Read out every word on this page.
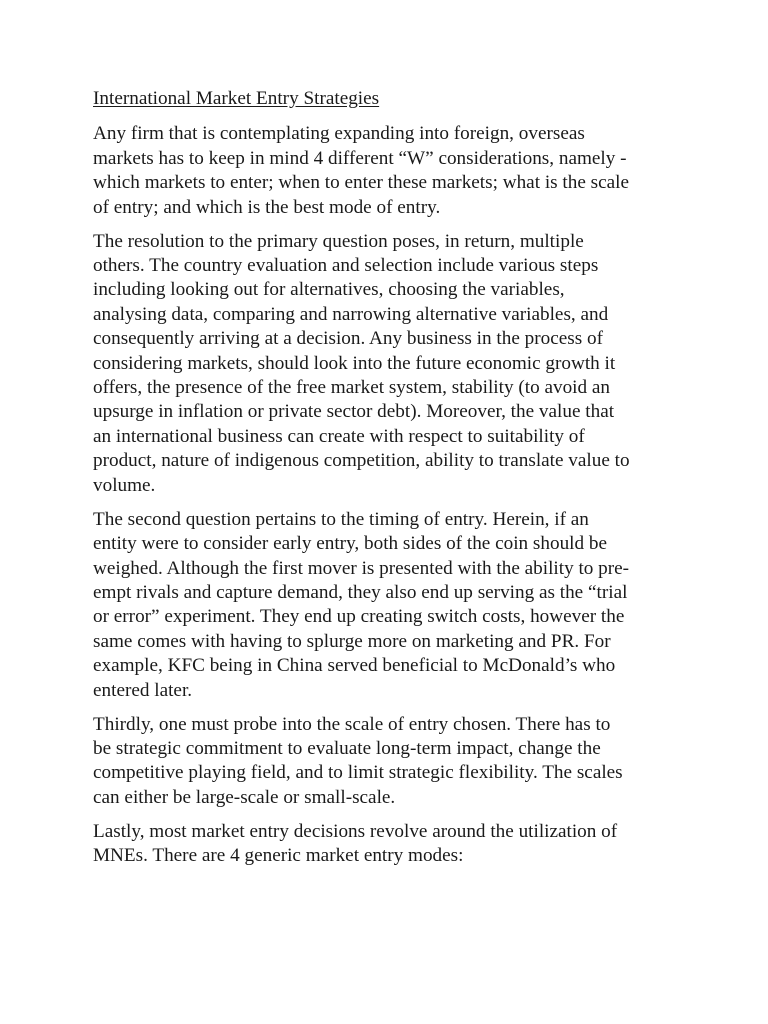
International Market Entry Strategies

Any firm that is contemplating expanding into foreign, overseas
markets has to keep in mind 4 different “W” considerations, namely -
which markets to enter; when to enter these markets; what is the scale
of entry; and which is the best mode of entry.

The resolution to the primary question poses, in return, multiple
others. The country evaluation and selection include various steps
including looking out for alternatives, choosing the variables,
analysing data, comparing and narrowing alternative variables, and
consequently arriving at a decision. Any business in the process of
considering markets, should look into the future economic growth it
offers, the presence of the free market system, stability (to avoid an
upsurge in inflation or private sector debt). Moreover, the value that
an international business can create with respect to suitability of
product, nature of indigenous competition, ability to translate value to
volume.

The second question pertains to the timing of entry. Herein, if an
entity were to consider early entry, both sides of the coin should be
weighed. Although the first mover is presented with the ability to pre-
empt rivals and capture demand, they also end up serving as the “trial
or error” experiment. They end up creating switch costs, however the
same comes with having to splurge more on marketing and PR. For
example, KFC being in China served beneficial to McDonald’s who
entered later.

Thirdly, one must probe into the scale of entry chosen. There has to
be strategic commitment to evaluate long-term impact, change the
competitive playing field, and to limit strategic flexibility. The scales
can either be large-scale or small-scale.

Lastly, most market entry decisions revolve around the utilization of
MNEs. There are 4 generic market entry modes:
